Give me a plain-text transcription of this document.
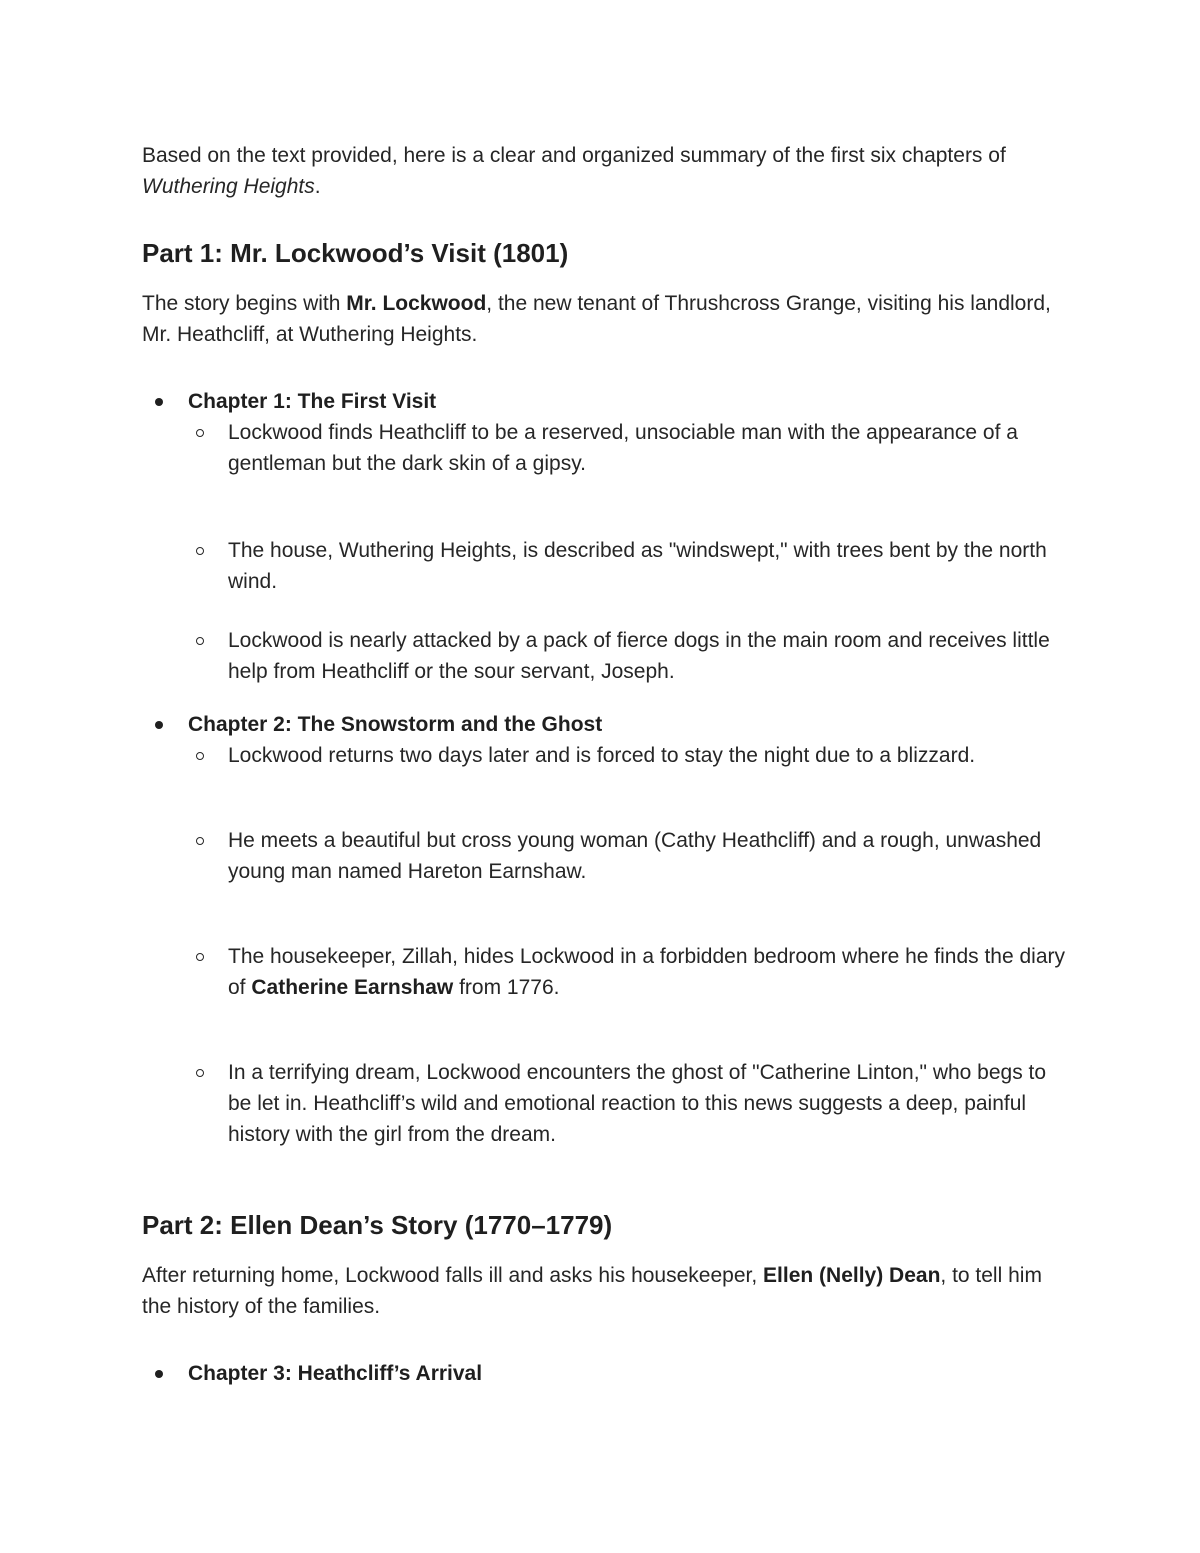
Based on the text provided, here is a clear and organized summary of the first six chapters of Wuthering Heights.

Part 1: Mr. Lockwood’s Visit (1801)

The story begins with Mr. Lockwood, the new tenant of Thrushcross Grange, visiting his landlord, Mr. Heathcliff, at Wuthering Heights.

Chapter 1: The First Visit
Lockwood finds Heathcliff to be a reserved, unsociable man with the appearance of a gentleman but the dark skin of a gipsy.
The house, Wuthering Heights, is described as "windswept," with trees bent by the north wind.
Lockwood is nearly attacked by a pack of fierce dogs in the main room and receives little help from Heathcliff or the sour servant, Joseph.
Chapter 2: The Snowstorm and the Ghost
Lockwood returns two days later and is forced to stay the night due to a blizzard.
He meets a beautiful but cross young woman (Cathy Heathcliff) and a rough, unwashed young man named Hareton Earnshaw.
The housekeeper, Zillah, hides Lockwood in a forbidden bedroom where he finds the diary of Catherine Earnshaw from 1776.
In a terrifying dream, Lockwood encounters the ghost of "Catherine Linton," who begs to be let in. Heathcliff’s wild and emotional reaction to this news suggests a deep, painful history with the girl from the dream.
Part 2: Ellen Dean’s Story (1770–1779)

After returning home, Lockwood falls ill and asks his housekeeper, Ellen (Nelly) Dean, to tell him the history of the families.

Chapter 3: Heathcliff’s Arrival
